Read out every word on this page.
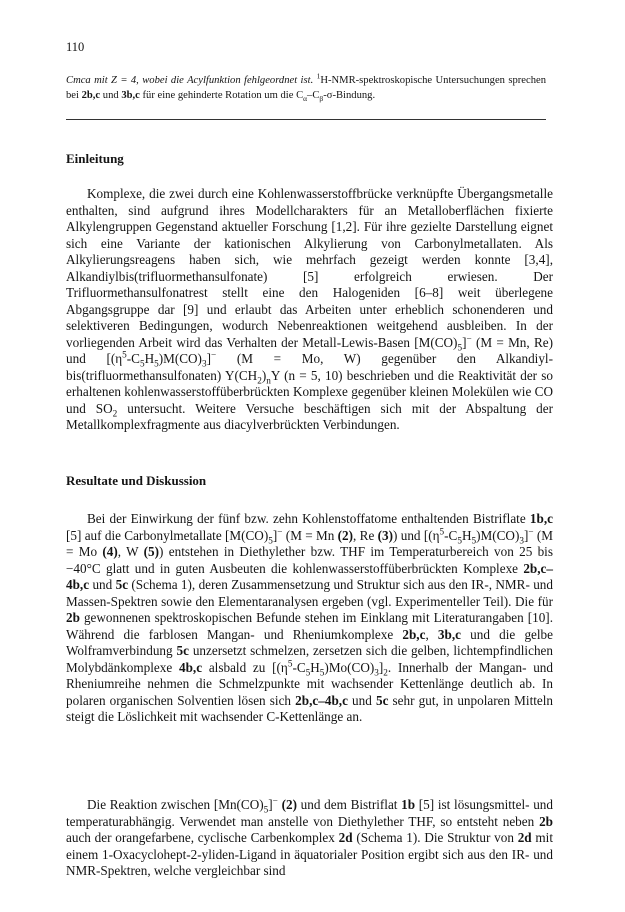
110
Cmca mit Z = 4, wobei die Acylfunktion fehlgeordnet ist. $^1$H-NMR-spektroskopische Untersuchungen sprechen bei 2b,c und 3b,c für eine gehinderte Rotation um die $C_\alpha-C_\beta-\sigma$-Bindung.
Einleitung
Komplexe, die zwei durch eine Kohlenwasserstoffbrücke verknüpfte Übergangsmetalle enthalten, sind aufgrund ihres Modellcharakters für an Metalloberflächen fixierte Alkylengruppen Gegenstand aktueller Forschung [1,2]. Für ihre gezielte Darstellung eignet sich eine Variante der kationischen Alkylierung von Carbonylmetallaten. Als Alkylierungsreagens haben sich, wie mehrfach gezeigt werden konnte [3,4], Alkandiylbis(trifluormethansulfonate) [5] erfolgreich erwiesen. Der Trifluormethansulfonatrest stellt eine den Halogeniden [6–8] weit überlegene Abgangsgruppe dar [9] und erlaubt das Arbeiten unter erheblich schonenderen und selektiveren Bedingungen, wodurch Nebenreaktionen weitgehend ausbleiben. In der vorliegenden Arbeit wird das Verhalten der Metall-Lewis-Basen $[M(CO)_5]^-$ (M = Mn, Re) und $[(\eta^5-C_5H_5)M(CO)_3]^-$ (M = Mo, W) gegenüber den Alkandiylbis(trifluormethansulfonaten) $Y(CH_2)_nY$ (n = 5, 10) beschrieben und die Reaktivität der so erhaltenen kohlenwasserstoffüberbrückten Komplexe gegenüber kleinen Molekülen wie CO und $SO_2$ untersucht. Weitere Versuche beschäftigen sich mit der Abspaltung der Metallkomplexfragmente aus diacylverbrückten Verbindungen.
Resultate und Diskussion
Bei der Einwirkung der fünf bzw. zehn Kohlenstoffatome enthaltenden Bistriflate 1b,c [5] auf die Carbonylmetallate $[M(CO)_5]^-$ (M = Mn (2), Re (3)) und $[(\eta^5-C_5H_5)M(CO)_3]^-$ (M = Mo (4), W (5)) entstehen in Diethylether bzw. THF im Temperaturbereich von 25 bis −40°C glatt und in guten Ausbeuten die kohlenwasserstoffüberbrückten Komplexe 2b,c–4b,c und 5c (Schema 1), deren Zusammensetzung und Struktur sich aus den IR-, NMR- und Massen-Spektren sowie den Elementaranalysen ergeben (vgl. Experimenteller Teil). Die für 2b gewonnenen spektroskopischen Befunde stehen im Einklang mit Literaturangaben [10]. Während die farblosen Mangan- und Rheniumkomplexe 2b,c, 3b,c und die gelbe Wolframverbindung 5c unzersetzt schmelzen, zersetzen sich die gelben, lichtempfindlichen Molybdänkomplexe 4b,c alsbald zu $[(\eta^5-C_5H_5)Mo(CO)_3]_2$. Innerhalb der Mangan- und Rheniumreihe nehmen die Schmelzpunkte mit wachsender Kettenlänge deutlich ab. In polaren organischen Solventien lösen sich 2b,c–4b,c und 5c sehr gut, in unpolaren Mitteln steigt die Löslichkeit mit wachsender C-Kettenlänge an.
Die Reaktion zwischen $[Mn(CO)_5]^-$ (2) und dem Bistriflat 1b [5] ist lösungsmittel- und temperaturabhängig. Verwendet man anstelle von Diethylether THF, so entsteht neben 2b auch der orangefarbene, cyclische Carbenkomplex 2d (Schema 1). Die Struktur von 2d mit einem 1-Oxacyclohept-2-yliden-Ligand in äquatorialer Position ergibt sich aus den IR- und NMR-Spektren, welche vergleichbar sind
